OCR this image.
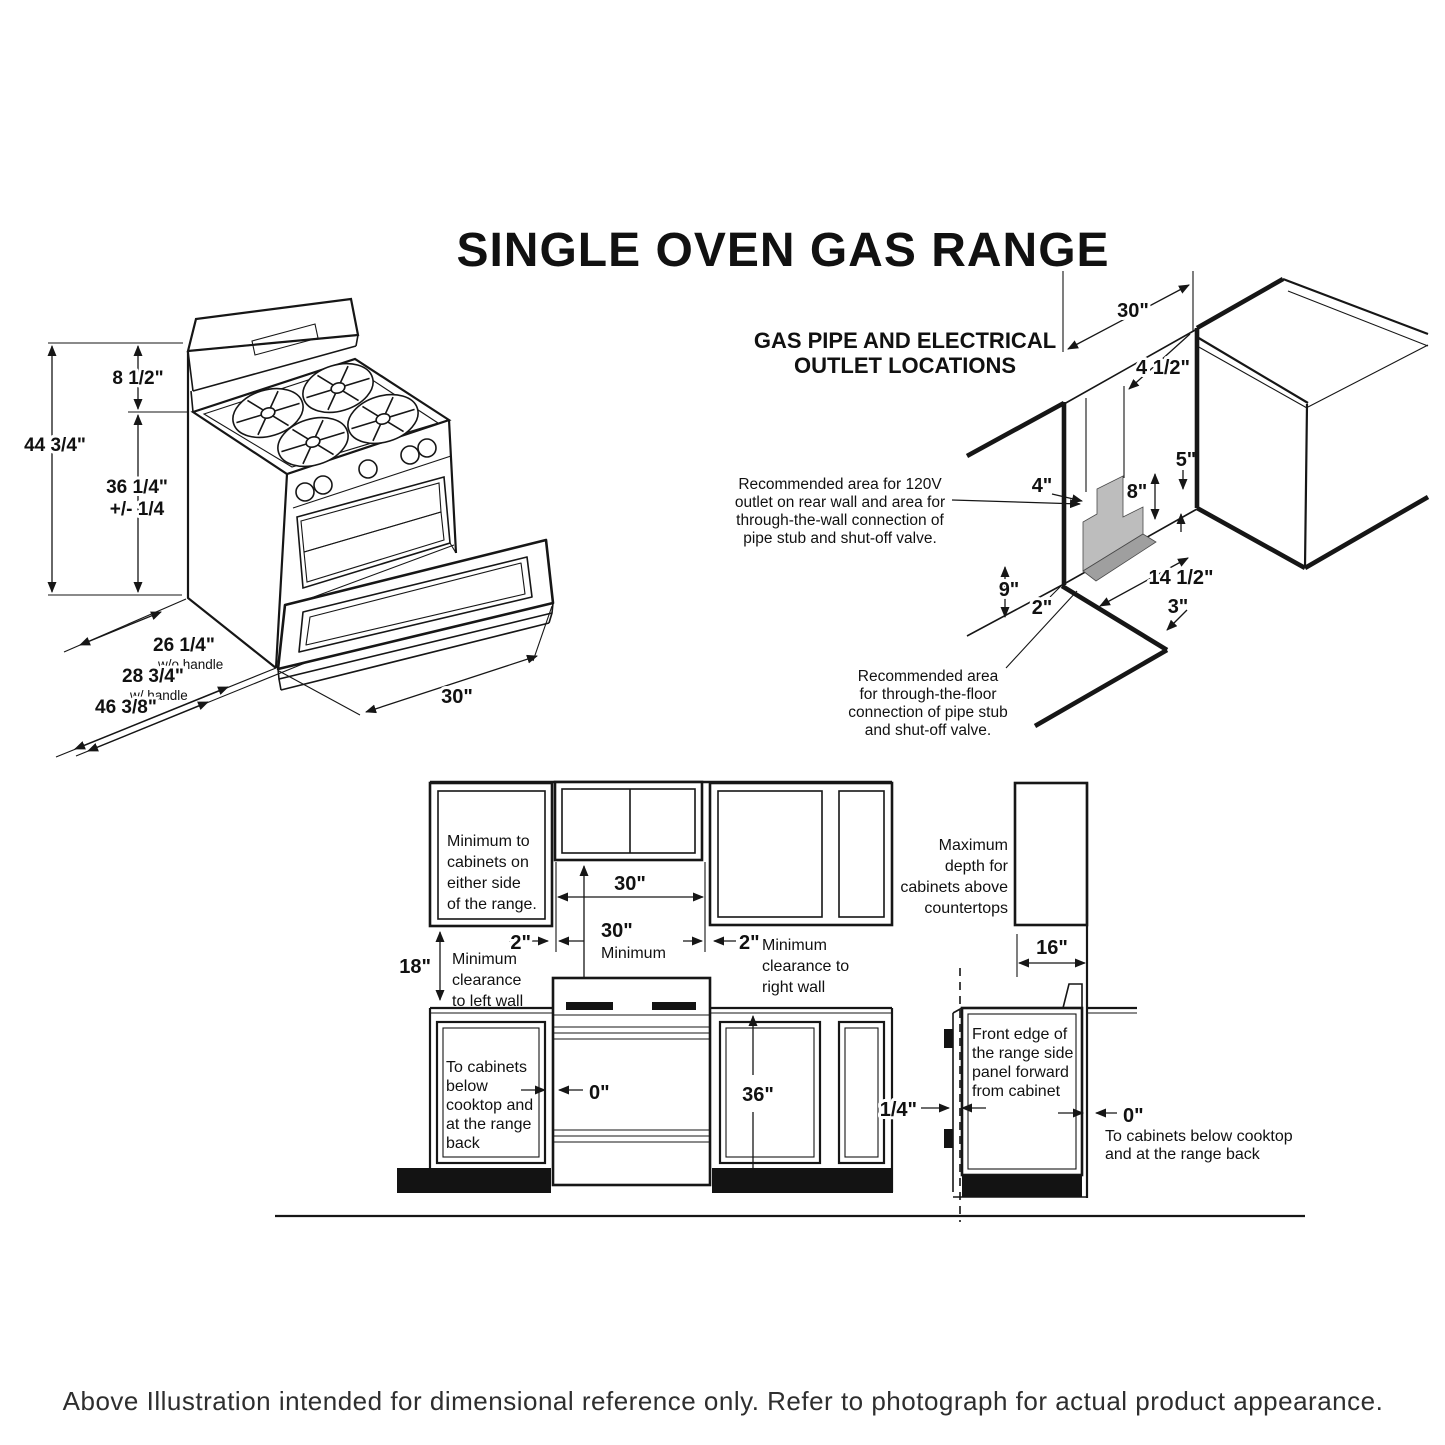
SINGLE OVEN GAS RANGE
44 3/4"
8 1/2"
36 1/4"
+/- 1/4
26 1/4"
w/o handle
28 3/4"
w/ handle
46 3/8"	30"
GAS PIPE AND ELECTRICAL
OUTLET LOCATIONS
Recommended area for 120V
outlet on rear wall and area for
through-the-wall connection of
pipe stub and shut-off valve.
Recommended area
for through-the-floor
connection of pipe stub
and shut-off valve.
30"
4 1/2"
5"
4"	8"
9"
2"
14 1/2"
3"
Minimum to
cabinets on
either side
of the range.
30"
30"
Minimum
2"	2" Minimum
clearance to
right wall
18" Minimum
clearance
to left wall
To cabinets
below
cooktop and
at the range
back
0"	36"
Maximum
depth for
cabinets above
countertops
16"
1/4"
Front edge of
the range side
panel forward
from cabinet
0"
To cabinets below cooktop
and at the range back
Above Illustration intended for dimensional reference only. Refer to photograph for actual product appearance.
